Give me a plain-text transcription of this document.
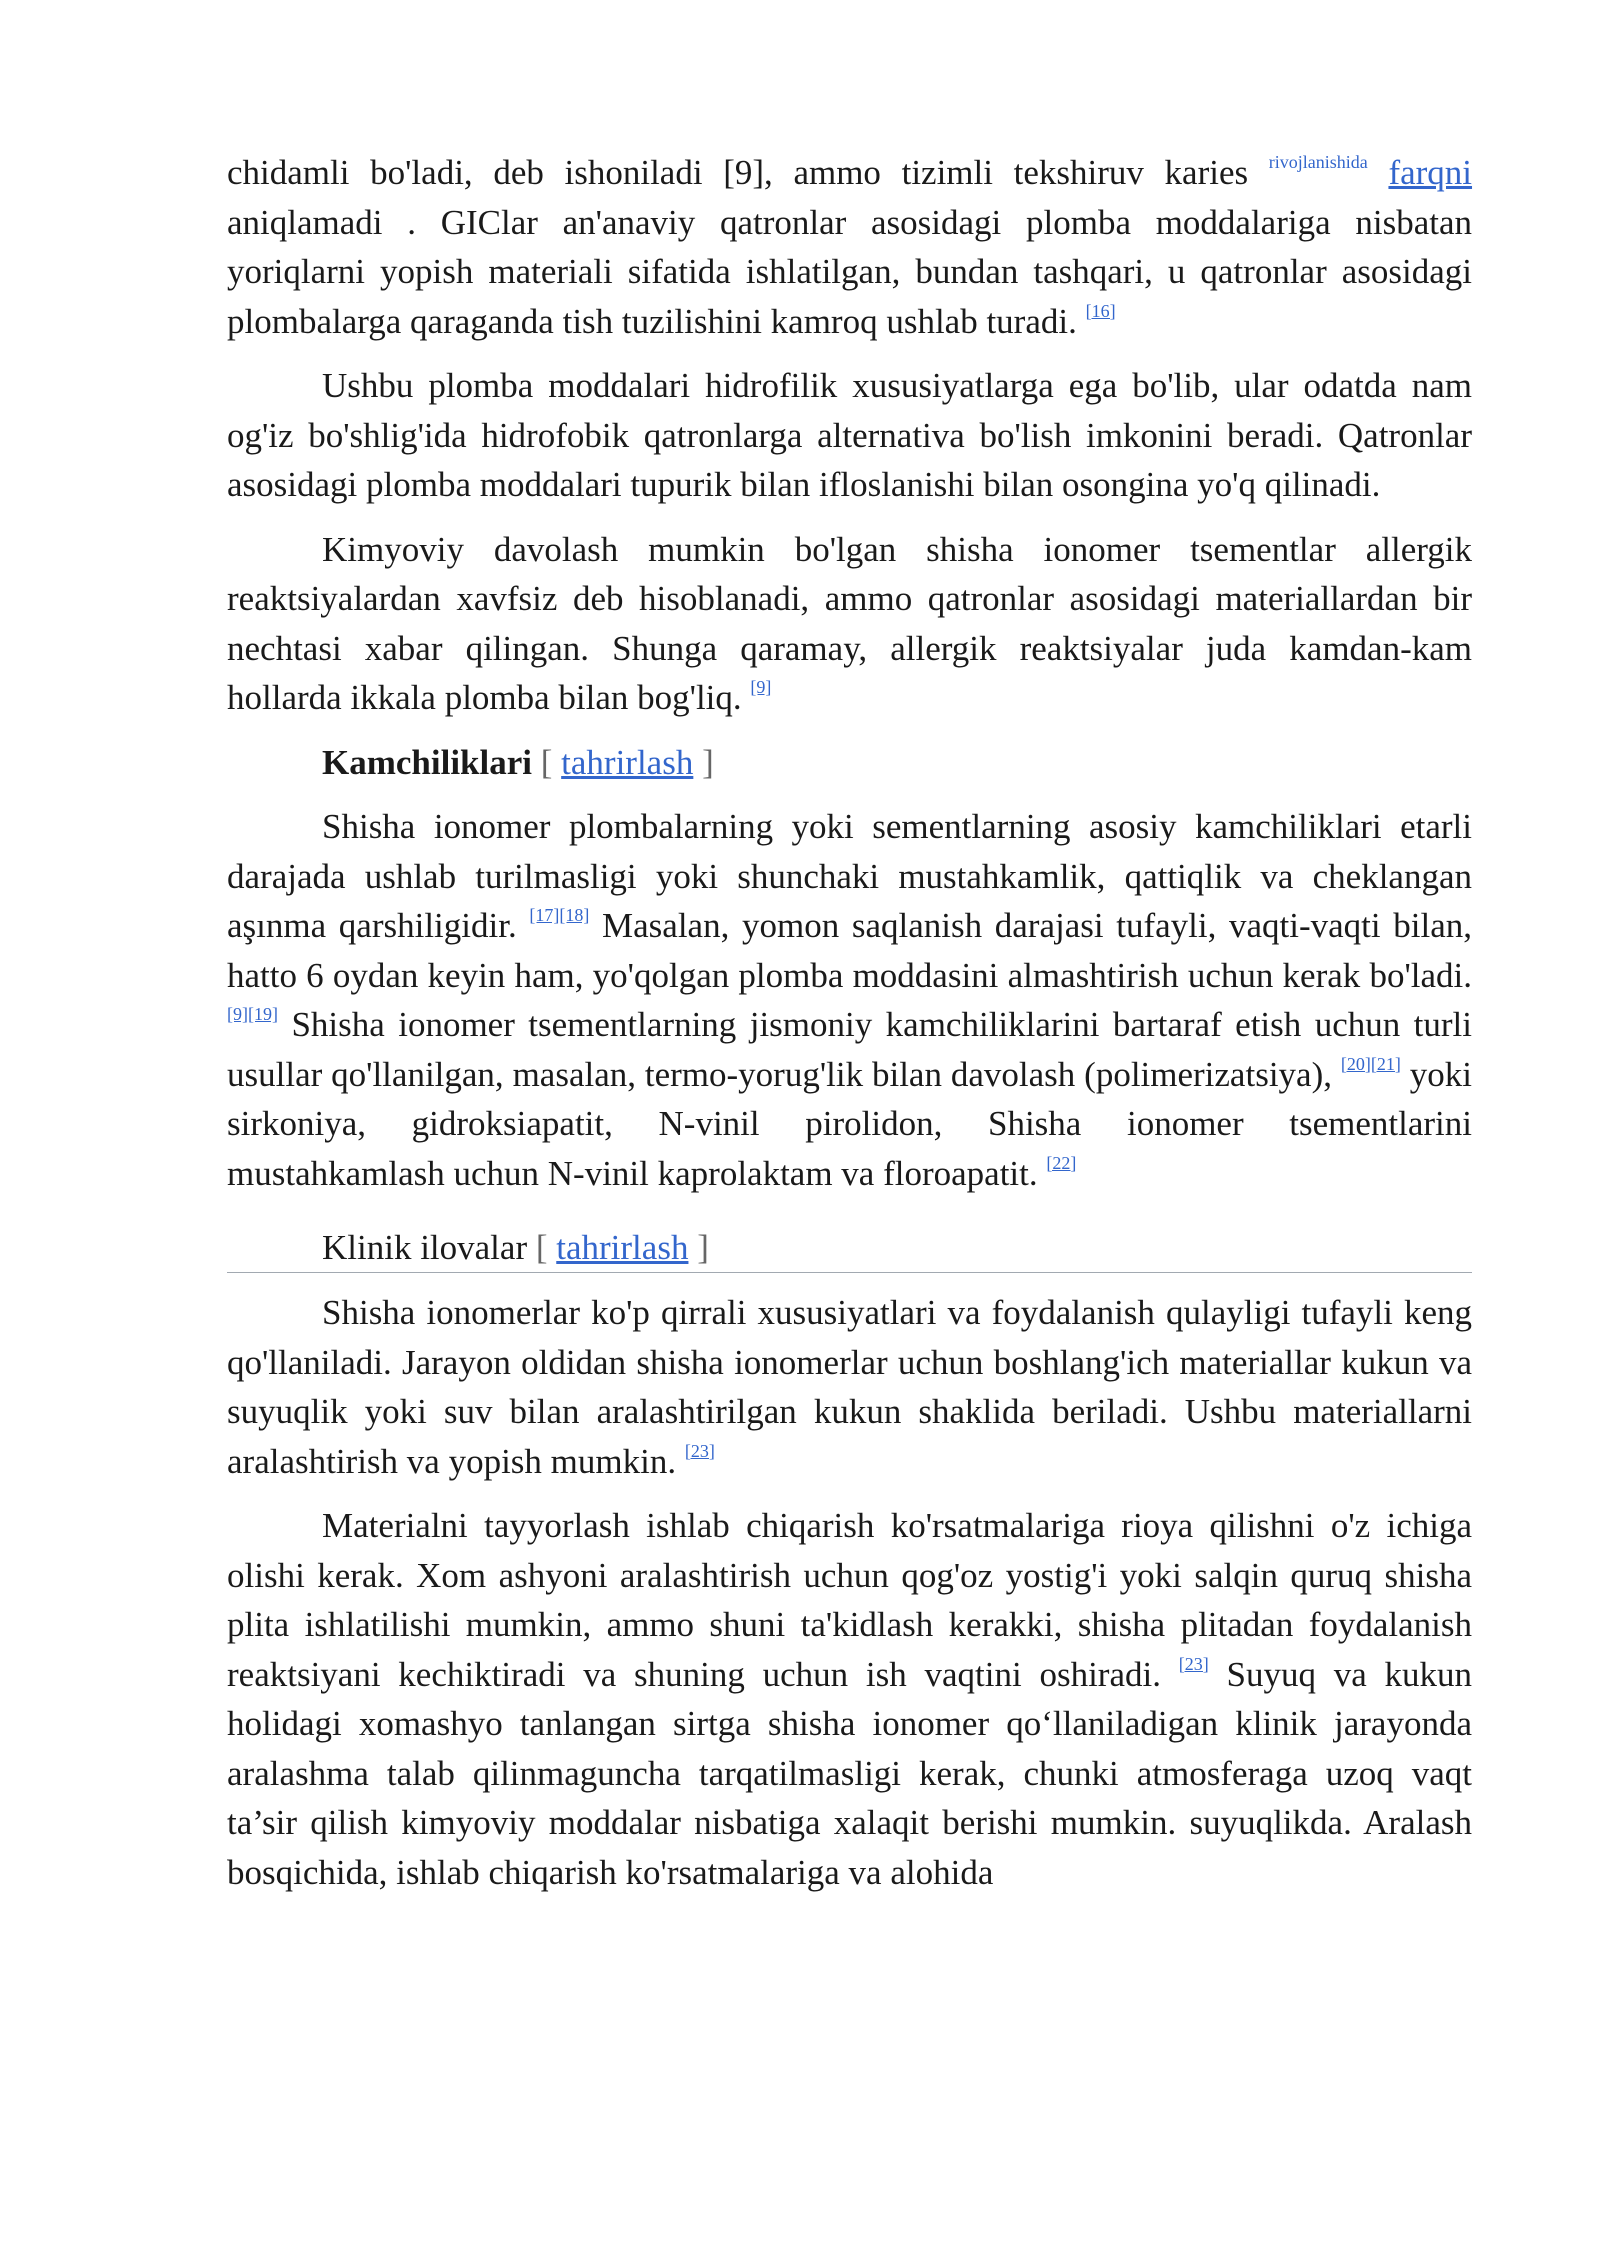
chidamli bo'ladi, deb ishoniladi [9], ammo tizimli tekshiruv karies $^{rivojlanishida}$ farqni aniqlamadi . GIClar an'anaviy qatronlar asosidagi plomba moddalariga nisbatan yoriqlarni yopish materiali sifatida ishlatilgan, bundan tashqari, u qatronlar asosidagi plombalarga qaraganda tish tuzilishini kamroq ushlab turadi. [16]

Ushbu plomba moddalari hidrofilik xususiyatlarga ega bo'lib, ular odatda nam og'iz bo'shlig'ida hidrofobik qatronlarga alternativa bo'lish imkonini beradi. Qatronlar asosidagi plomba moddalari tupurik bilan ifloslanishi bilan osongina yo'q qilinadi.

Kimyoviy davolash mumkin bo'lgan shisha ionomer tsementlar allergik reaktsiyalardan xavfsiz deb hisoblanadi, ammo qatronlar asosidagi materiallardan bir nechtasi xabar qilingan. Shunga qaramay, allergik reaktsiyalar juda kamdan-kam hollarda ikkala plomba bilan bog'liq. [9]

Kamchiliklari [ tahrirlash ]

Shisha ionomer plombalarning yoki sementlarning asosiy kamchiliklari etarli darajada ushlab turilmasligi yoki shunchaki mustahkamlik, qattiqlik va cheklangan aşınma qarshiligidir. [17][18] Masalan, yomon saqlanish darajasi tufayli, vaqti-vaqti bilan, hatto 6 oydan keyin ham, yo'qolgan plomba moddasini almashtirish uchun kerak bo'ladi. [9][19] Shisha ionomer tsementlarning jismoniy kamchiliklarini bartaraf etish uchun turli usullar qo'llanilgan, masalan, termo-yorug'lik bilan davolash (polimerizatsiya), [20][21] yoki sirkoniya, gidroksiapatit, N-vinil pirolidon, Shisha ionomer tsementlarini mustahkamlash uchun N-vinil kaprolaktam va floroapatit. [22]

Klinik ilovalar [ tahrirlash ]

Shisha ionomerlar ko'p qirrali xususiyatlari va foydalanish qulayligi tufayli keng qo'llaniladi. Jarayon oldidan shisha ionomerlar uchun boshlang'ich materiallar kukun va suyuqlik yoki suv bilan aralashtirilgan kukun shaklida beriladi. Ushbu materiallarni aralashtirish va yopish mumkin. [23]

Materialni tayyorlash ishlab chiqarish ko'rsatmalariga rioya qilishni o'z ichiga olishi kerak. Xom ashyoni aralashtirish uchun qog'oz yostig'i yoki salqin quruq shisha plita ishlatilishi mumkin, ammo shuni ta'kidlash kerakki, shisha plitadan foydalanish reaktsiyani kechiktiradi va shuning uchun ish vaqtini oshiradi. [23] Suyuq va kukun holidagi xomashyo tanlangan sirtga shisha ionomer qo‘llaniladigan klinik jarayonda aralashma talab qilinmaguncha tarqatilmasligi kerak, chunki atmosferaga uzoq vaqt ta’sir qilish kimyoviy moddalar nisbatiga xalaqit berishi mumkin. suyuqlikda. Aralash bosqichida, ishlab chiqarish ko'rsatmalariga va alohida
